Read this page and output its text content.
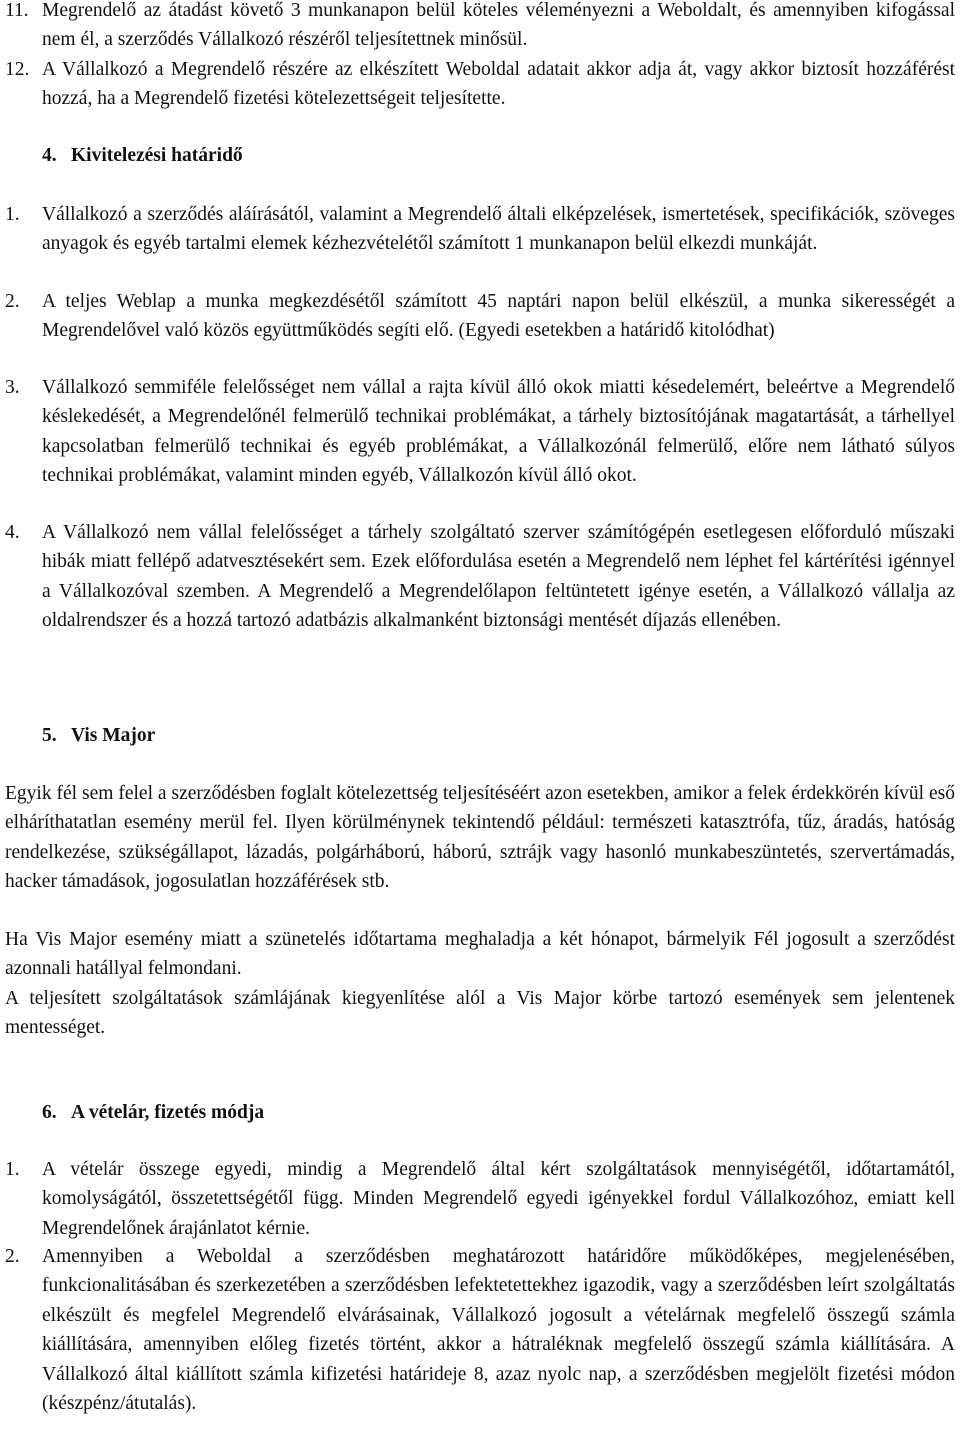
11. Megrendelő az átadást követő 3 munkanapon belül köteles véleményezni a Weboldalt, és amennyiben kifogással nem él, a szerződés Vállalkozó részéről teljesítettnek minősül.
12. A Vállalkozó a Megrendelő részére az elkészített Weboldal adatait akkor adja át, vagy akkor biztosít hozzáférést hozzá, ha a Megrendelő fizetési kötelezettségeit teljesítette.
4. Kivitelezési határidő
1. Vállalkozó a szerződés aláírásától, valamint a Megrendelő általi elképzelések, ismertetések, specifikációk, szöveges anyagok és egyéb tartalmi elemek kézhezvételétől számított 1 munkanapon belül elkezdi munkáját.
2. A teljes Weblap a munka megkezdésétől számított 45 naptári napon belül elkészül, a munka sikerességét a Megrendelővel való közös együttműködés segíti elő. (Egyedi esetekben a határidő kitolódhat)
3. Vállalkozó semmiféle felelősséget nem vállal a rajta kívül álló okok miatti késedelemért, beleértve a Megrendelő késlekedését, a Megrendelőnél felmerülő technikai problémákat, a tárhely biztosítójának magatartását, a tárhellyel kapcsolatban felmerülő technikai és egyéb problémákat, a Vállalkozónál felmerülő, előre nem látható súlyos technikai problémákat, valamint minden egyéb, Vállalkozón kívül álló okot.
4. A Vállalkozó nem vállal felelősséget a tárhely szolgáltató szerver számítógépén esetlegesen előforduló műszaki hibák miatt fellépő adatvesztésekért sem. Ezek előfordulása esetén a Megrendelő nem léphet fel kártérítési igénnyel a Vállalkozóval szemben. A Megrendelő a Megrendelőlapon feltüntetett igénye esetén, a Vállalkozó vállalja az oldalrendszer és a hozzá tartozó adatbázis alkalmanként biztonsági mentését díjazás ellenében.
5. Vis Major
Egyik fél sem felel a szerződésben foglalt kötelezettség teljesítéséért azon esetekben, amikor a felek érdekkörén kívül eső elháríthatatlan esemény merül fel. Ilyen körülménynek tekintendő például: természeti katasztrófa, tűz, áradás, hatóság rendelkezése, szükségállapot, lázadás, polgárháború, háború, sztrájk vagy hasonló munkabeszüntetés, szervertámadás, hacker támadások, jogosulatlan hozzáférések stb.
Ha Vis Major esemény miatt a szünetelés időtartama meghaladja a két hónapot, bármelyik Fél jogosult a szerződést azonnali hatállyal felmondani.
A teljesített szolgáltatások számlájának kiegyenlítése alól a Vis Major körbe tartozó események sem jelentenek mentességet.
6. A vételár, fizetés módja
1. A vételár összege egyedi, mindig a Megrendelő által kért szolgáltatások mennyiségétől, időtartamától, komolyságától, összetettségétől függ. Minden Megrendelő egyedi igényekkel fordul Vállalkozóhoz, emiatt kell Megrendelőnek árajánlatot kérnie.
2. Amennyiben a Weboldal a szerződésben meghatározott határidőre működőképes, megjelenésében, funkcionalitásában és szerkezetében a szerződésben lefektetettekhez igazodik, vagy a szerződésben leírt szolgáltatás elkészült és megfelel Megrendelő elvárásainak, Vállalkozó jogosult a vételárnak megfelelő összegű számla kiállítására, amennyiben előleg fizetés történt, akkor a hátraléknak megfelelő összegű számla kiállítására. A Vállalkozó által kiállított számla kifizetési határideje 8, azaz nyolc nap, a szerződésben megjelölt fizetési módon (készpénz/átutalás).
